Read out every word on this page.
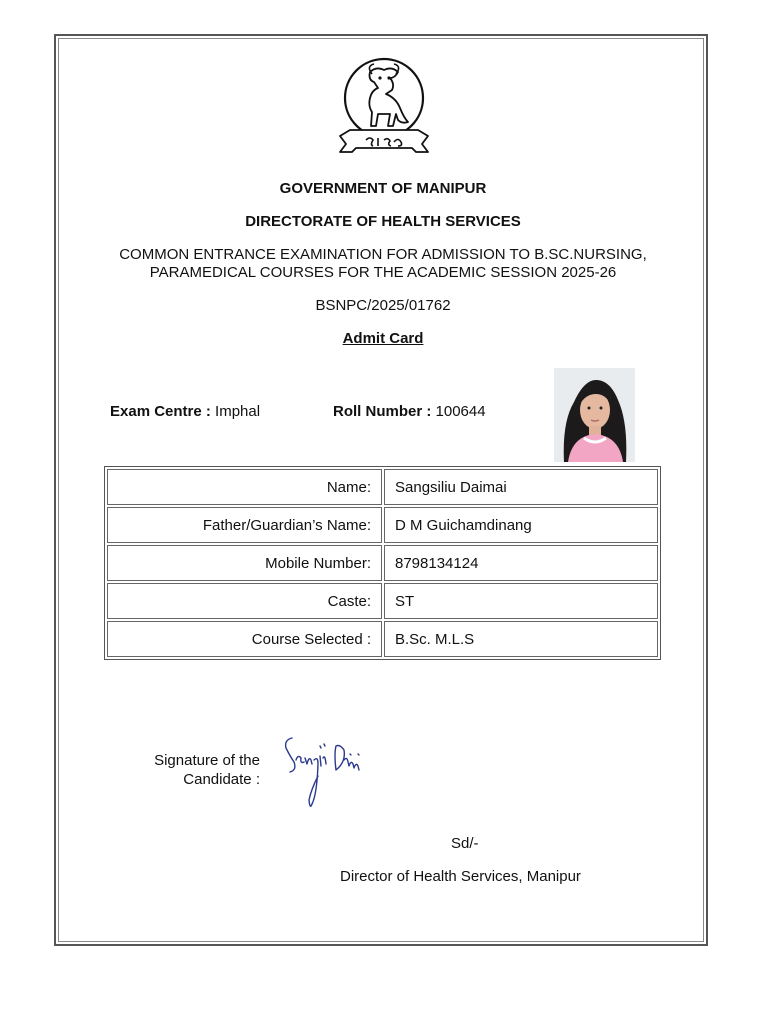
GOVERNMENT OF MANIPUR
DIRECTORATE OF HEALTH SERVICES
COMMON ENTRANCE EXAMINATION FOR ADMISSION TO B.SC.NURSING,
PARAMEDICAL COURSES FOR THE ACADEMIC SESSION 2025-26
BSNPC/2025/01762
Admit Card
Exam Centre : Imphal	Roll Number : 100644
Name:	Sangsiliu Daimai
Father/Guardian’s Name:	D M Guichamdinang
Mobile Number:	8798134124
Caste:	ST
Course Selected :	B.Sc. M.L.S
Signature of the
Candidate :
Sd/-
Director of Health Services, Manipur
